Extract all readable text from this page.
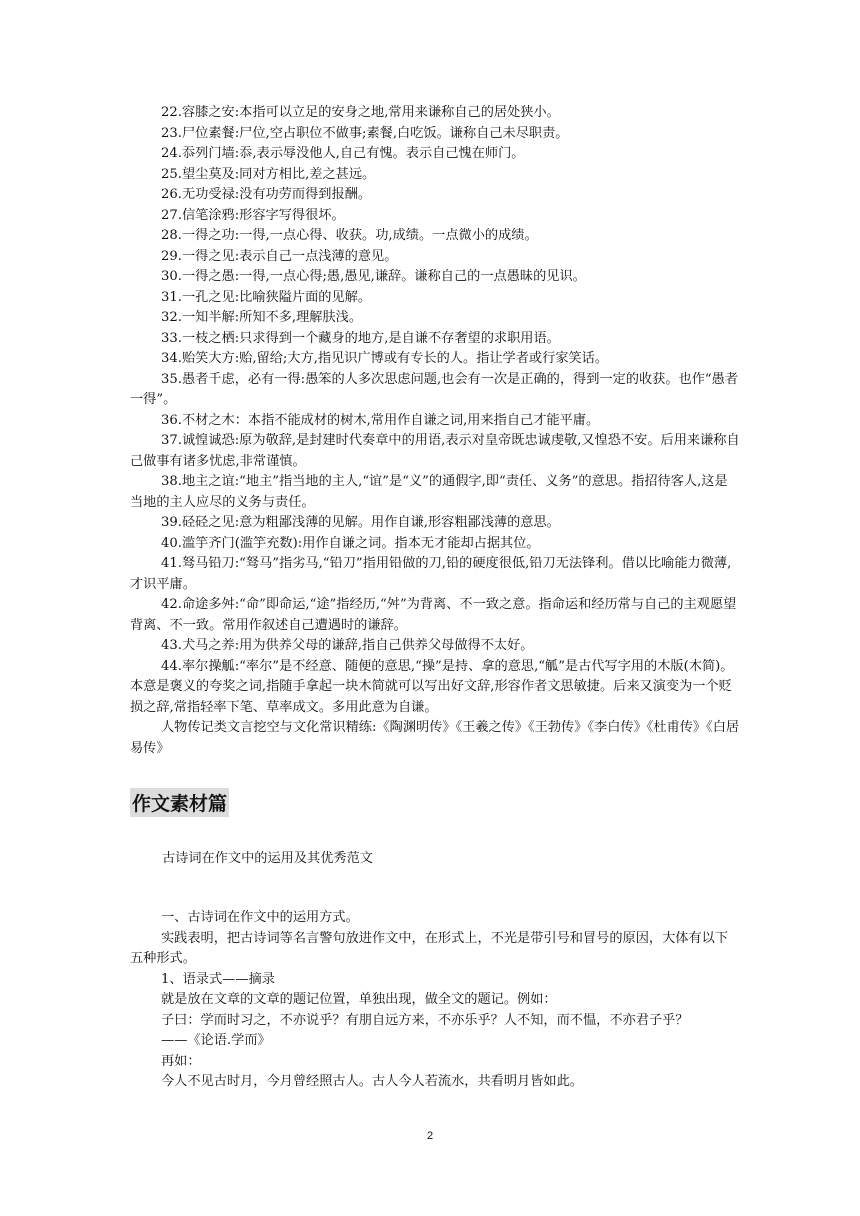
22.容膝之安:本指可以立足的安身之地,常用来谦称自己的居处狭小。

23.尸位素餐:尸位,空占职位不做事;素餐,白吃饭。谦称自己未尽职责。

24.忝列门墙:忝,表示辱没他人,自己有愧。表示自己愧在师门。

25.望尘莫及:同对方相比,差之甚远。

26.无功受禄:没有功劳而得到报酬。

27.信笔涂鸦:形容字写得很坏。

28.一得之功:一得,一点心得、收获。功,成绩。一点微小的成绩。

29.一得之见:表示自己一点浅薄的意见。

30.一得之愚:一得,一点心得;愚,愚见,谦辞。谦称自己的一点愚昧的见识。

31.一孔之见:比喻狭隘片面的见解。

32.一知半解:所知不多,理解肤浅。

33.一枝之栖:只求得到一个藏身的地方,是自谦不存奢望的求职用语。

34.贻笑大方:贻,留给;大方,指见识广博或有专长的人。指让学者或行家笑话。

35.愚者千虑，必有一得:愚笨的人多次思虑问题,也会有一次是正确的，得到一定的收获。也作“愚者一得”。

36.不材之木：本指不能成材的树木,常用作自谦之词,用来指自己才能平庸。

37.诚惶诚恐:原为敬辞,是封建时代奏章中的用语,表示对皇帝既忠诚虔敬,又惶恐不安。后用来谦称自己做事有诸多忧虑,非常谨慎。

38.地主之谊:“地主”指当地的主人,“谊”是“义”的通假字,即“责任、义务”的意思。指招待客人,这是当地的主人应尽的义务与责任。

39.硁硁之见:意为粗鄙浅薄的见解。用作自谦,形容粗鄙浅薄的意思。

40.滥竽齐门(滥竽充数):用作自谦之词。指本无才能却占据其位。

41.驽马铅刀:“驽马”指劣马,“铅刀”指用铅做的刀,铅的硬度很低,铅刀无法锋利。借以比喻能力微薄,才识平庸。

42.命途多舛:“命”即命运,“途”指经历,“舛”为背离、不一致之意。指命运和经历常与自己的主观愿望背离、不一致。常用作叙述自己遭遇时的谦辞。

43.犬马之养:用为供养父母的谦辞,指自己供养父母做得不太好。

44.率尔操觚:“率尔”是不经意、随便的意思,“操”是持、拿的意思,“觚”是古代写字用的木版(木简)。本意是褒义的夸奖之词,指随手拿起一块木简就可以写出好文辞,形容作者文思敏捷。后来又演变为一个贬损之辞,常指轻率下笔、草率成文。多用此意为自谦。

人物传记类文言挖空与文化常识精练:《陶渊明传》《王羲之传》《王勃传》《李白传》《杜甫传》《白居易传》

作文素材篇
古诗词在作文中的运用及其优秀范文

一、古诗词在作文中的运用方式。

实践表明，把古诗词等名言警句放进作文中，在形式上，不光是带引号和冒号的原因，大体有以下五种形式。

1、语录式——摘录

就是放在文章的文章的题记位置，单独出现，做全文的题记。例如：

子曰：学而时习之，不亦说乎？有朋自远方来，不亦乐乎？人不知，而不愠，不亦君子乎？

——《论语.学而》

再如：

今人不见古时月，今月曾经照古人。古人今人若流水，共看明月皆如此。

2
